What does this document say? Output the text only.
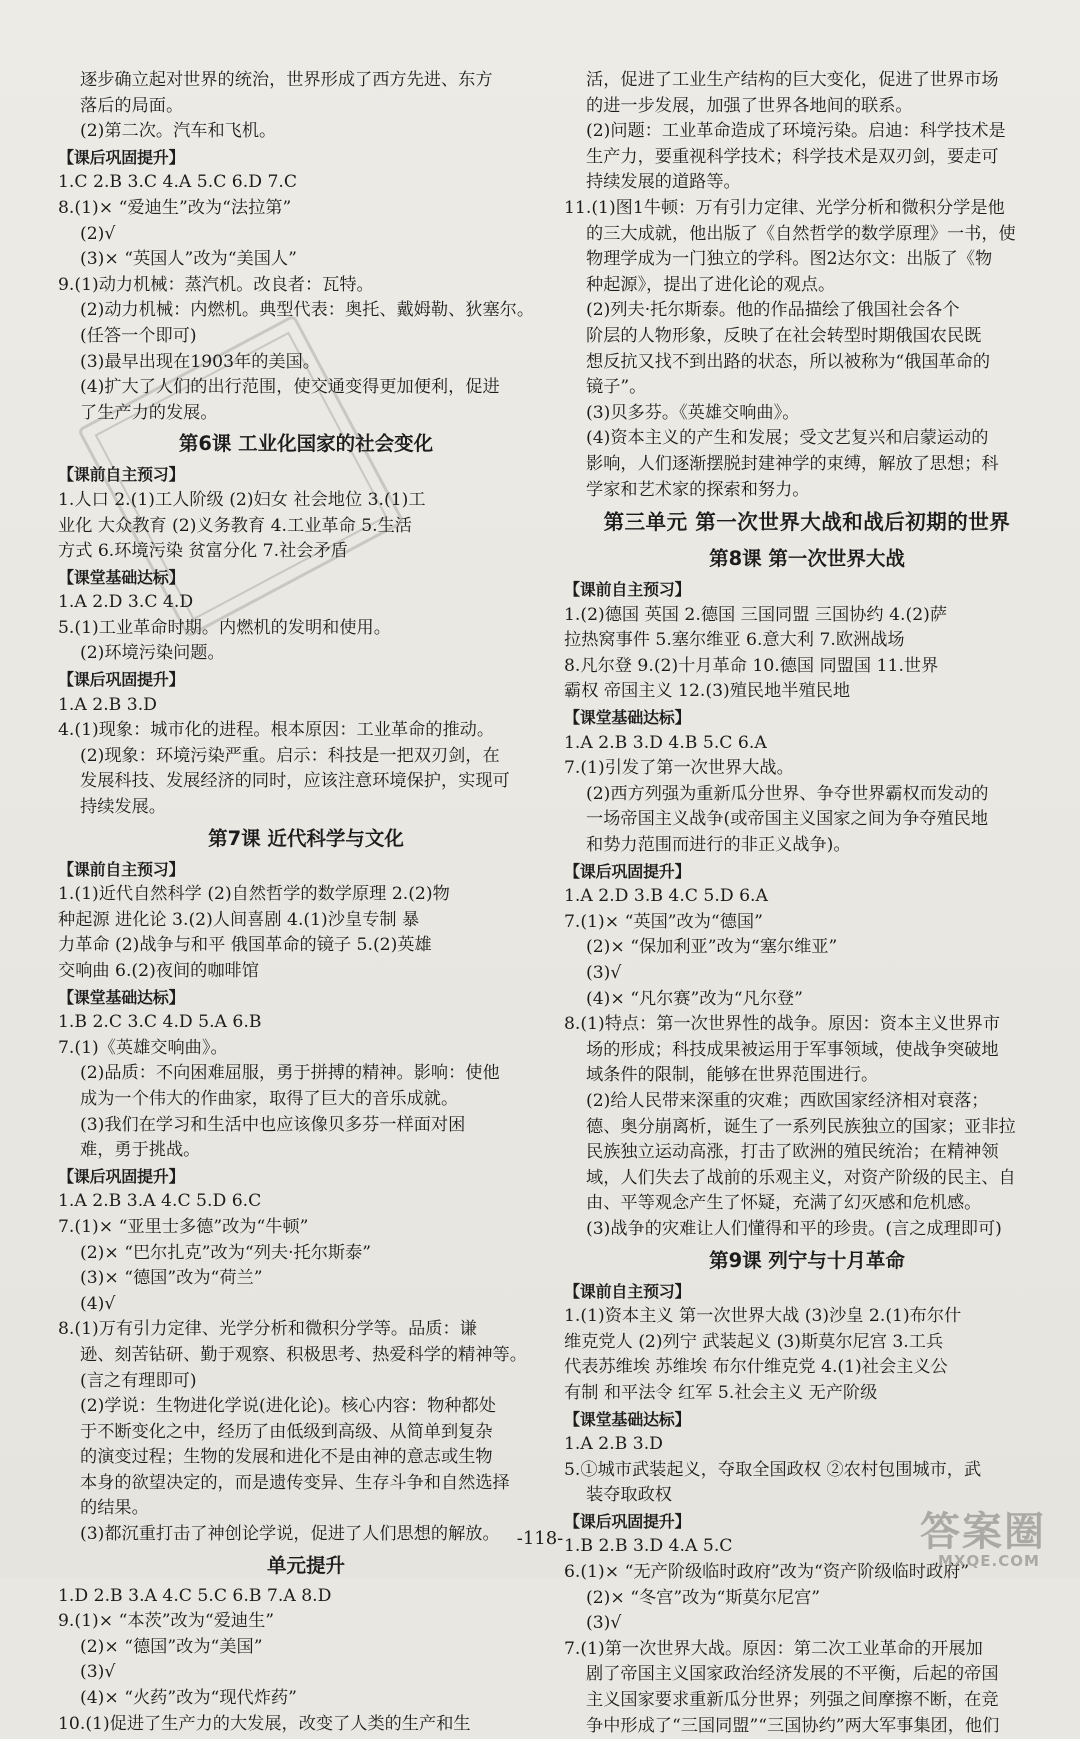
逐步确立起对世界的统治，世界形成了西方先进、东方
落后的局面。
(2)第二次。汽车和飞机。
【课后巩固提升】
1.C 2.B 3.C 4.A 5.C 6.D 7.C
8.(1)× “爱迪生”改为“法拉第”
(2)√
(3)× “英国人”改为“美国人”
9.(1)动力机械：蒸汽机。改良者：瓦特。
(2)动力机械：内燃机。典型代表：奥托、戴姆勒、狄塞尔。
(任答一个即可)
(3)最早出现在1903年的美国。
(4)扩大了人们的出行范围，使交通变得更加便利，促进
了生产力的发展。
第6课 工业化国家的社会变化
【课前自主预习】
1.人口 2.(1)工人阶级 (2)妇女 社会地位 3.(1)工
业化 大众教育 (2)义务教育 4.工业革命 5.生活
方式 6.环境污染 贫富分化 7.社会矛盾
【课堂基础达标】
1.A 2.D 3.C 4.D
5.(1)工业革命时期。内燃机的发明和使用。
(2)环境污染问题。
【课后巩固提升】
1.A 2.B 3.D
4.(1)现象：城市化的进程。根本原因：工业革命的推动。
(2)现象：环境污染严重。启示：科技是一把双刃剑，在
发展科技、发展经济的同时，应该注意环境保护，实现可
持续发展。
第7课 近代科学与文化
【课前自主预习】
1.(1)近代自然科学 (2)自然哲学的数学原理 2.(2)物
种起源 进化论 3.(2)人间喜剧 4.(1)沙皇专制 暴
力革命 (2)战争与和平 俄国革命的镜子 5.(2)英雄
交响曲 6.(2)夜间的咖啡馆
【课堂基础达标】
1.B 2.C 3.C 4.D 5.A 6.B
7.(1)《英雄交响曲》。
(2)品质：不向困难屈服，勇于拼搏的精神。影响：使他
成为一个伟大的作曲家，取得了巨大的音乐成就。
(3)我们在学习和生活中也应该像贝多芬一样面对困
难，勇于挑战。
【课后巩固提升】
1.A 2.B 3.A 4.C 5.D 6.C
7.(1)× “亚里士多德”改为“牛顿”
(2)× “巴尔扎克”改为“列夫·托尔斯泰”
(3)× “德国”改为“荷兰”
(4)√
8.(1)万有引力定律、光学分析和微积分学等。品质：谦
逊、刻苦钻研、勤于观察、积极思考、热爱科学的精神等。
(言之有理即可)
(2)学说：生物进化学说(进化论)。核心内容：物种都处
于不断变化之中，经历了由低级到高级、从简单到复杂
的演变过程；生物的发展和进化不是由神的意志或生物
本身的欲望决定的，而是遗传变异、生存斗争和自然选择
的结果。
(3)都沉重打击了神创论学说，促进了人们思想的解放。
单元提升
1.D 2.B 3.A 4.C 5.C 6.B 7.A 8.D
9.(1)× “本茨”改为“爱迪生”
(2)× “德国”改为“美国”
(3)√
(4)× “火药”改为“现代炸药”
10.(1)促进了生产力的大发展，改变了人类的生产和生
活，促进了工业生产结构的巨大变化，促进了世界市场
的进一步发展，加强了世界各地间的联系。
(2)问题：工业革命造成了环境污染。启迪：科学技术是
生产力，要重视科学技术；科学技术是双刃剑，要走可
持续发展的道路等。
11.(1)图1牛顿：万有引力定律、光学分析和微积分学是他
的三大成就，他出版了《自然哲学的数学原理》一书，使
物理学成为一门独立的学科。图2达尔文：出版了《物
种起源》，提出了进化论的观点。
(2)列夫·托尔斯泰。他的作品描绘了俄国社会各个
阶层的人物形象，反映了在社会转型时期俄国农民既
想反抗又找不到出路的状态，所以被称为“俄国革命的
镜子”。
(3)贝多芬。《英雄交响曲》。
(4)资本主义的产生和发展；受文艺复兴和启蒙运动的
影响，人们逐渐摆脱封建神学的束缚，解放了思想；科
学家和艺术家的探索和努力。
第三单元 第一次世界大战和战后初期的世界
第8课 第一次世界大战
【课前自主预习】
1.(2)德国 英国 2.德国 三国同盟 三国协约 4.(2)萨
拉热窝事件 5.塞尔维亚 6.意大利 7.欧洲战场
8.凡尔登 9.(2)十月革命 10.德国 同盟国 11.世界
霸权 帝国主义 12.(3)殖民地半殖民地
【课堂基础达标】
1.A 2.B 3.D 4.B 5.C 6.A
7.(1)引发了第一次世界大战。
(2)西方列强为重新瓜分世界、争夺世界霸权而发动的
一场帝国主义战争(或帝国主义国家之间为争夺殖民地
和势力范围而进行的非正义战争)。
【课后巩固提升】
1.A 2.D 3.B 4.C 5.D 6.A
7.(1)× “英国”改为“德国”
(2)× “保加利亚”改为“塞尔维亚”
(3)√
(4)× “凡尔赛”改为“凡尔登”
8.(1)特点：第一次世界性的战争。原因：资本主义世界市
场的形成；科技成果被运用于军事领域，使战争突破地
域条件的限制，能够在世界范围进行。
(2)给人民带来深重的灾难；西欧国家经济相对衰落；
德、奥分崩离析，诞生了一系列民族独立的国家；亚非拉
民族独立运动高涨，打击了欧洲的殖民统治；在精神领
域，人们失去了战前的乐观主义，对资产阶级的民主、自
由、平等观念产生了怀疑，充满了幻灭感和危机感。
(3)战争的灾难让人们懂得和平的珍贵。(言之成理即可)
第9课 列宁与十月革命
【课前自主预习】
1.(1)资本主义 第一次世界大战 (3)沙皇 2.(1)布尔什
维克党人 (2)列宁 武装起义 (3)斯莫尔尼宫 3.工兵
代表苏维埃 苏维埃 布尔什维克党 4.(1)社会主义公
有制 和平法令 红军 5.社会主义 无产阶级
【课堂基础达标】
1.A 2.B 3.D
5.①城市武装起义，夺取全国政权 ②农村包围城市，武
装夺取政权
【课后巩固提升】
1.B 2.B 3.D 4.A 5.C
6.(1)× “无产阶级临时政府”改为“资产阶级临时政府”
(2)× “冬宫”改为“斯莫尔尼宫”
(3)√
7.(1)第一次世界大战。原因：第二次工业革命的开展加
剧了帝国主义国家政治经济发展的不平衡，后起的帝国
主义国家要求重新瓜分世界；列强之间摩擦不断，在竞
争中形成了“三国同盟”“三国协约”两大军事集团，他们
-118-	答案圈
MXQE.COM
